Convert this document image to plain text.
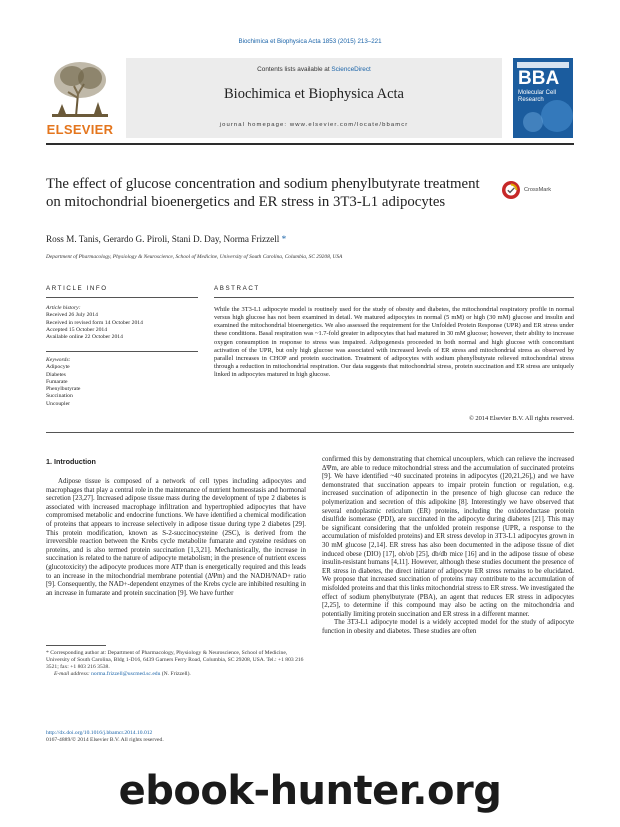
Biochimica et Biophysica Acta 1853 (2015) 213–221
ELSEVIER
Contents lists available at ScienceDirect
Biochimica et Biophysica Acta
journal homepage: www.elsevier.com/locate/bbamcr
BBA
Molecular Cell Research
The effect of glucose concentration and sodium phenylbutyrate treatment on mitochondrial bioenergetics and ER stress in 3T3-L1 adipocytes
CrossMark
Ross M. Tanis, Gerardo G. Piroli, Stani D. Day, Norma Frizzell *
Department of Pharmacology, Physiology & Neuroscience, School of Medicine, University of South Carolina, Columbia, SC 29208, USA
ARTICLE INFO
Article history:
Received 26 July 2014
Received in revised form 14 October 2014
Accepted 15 October 2014
Available online 22 October 2014
Keywords:
Adipocyte
Diabetes
Fumarate
Phenylbutyrate
Succination
Uncoupler
ABSTRACT
While the 3T3-L1 adipocyte model is routinely used for the study of obesity and diabetes, the mitochondrial respiratory profile in normal versus high glucose has not been examined in detail. We matured adipocytes in normal (5 mM) or high (30 mM) glucose and insulin and examined the mitochondrial bioenergetics. We also assessed the requirement for the Unfolded Protein Response (UPR) and ER stress under these conditions. Basal respiration was ~1.7-fold greater in adipocytes that had matured in 30 mM glucose; however, their ability to increase oxygen consumption in response to stress was impaired. Adipogenesis proceeded in both normal and high glucose with concomitant activation of the UPR, but only high glucose was associated with increased levels of ER stress and mitochondrial stress as observed by parallel increases in CHOP and protein succination. Treatment of adipocytes with sodium phenylbutyrate relieved mitochondrial stress through a reduction in mitochondrial respiration. Our data suggests that mitochondrial stress, protein succination and ER stress are uniquely linked in adipocytes matured in high glucose.
© 2014 Elsevier B.V. All rights reserved.
1. Introduction

Adipose tissue is composed of a network of cell types including adipocytes and macrophages that play a central role in the maintenance of nutrient homeostasis and hormonal secretion [23,27]. Increased adipose tissue mass during the development of type 2 diabetes is associated with increased macrophage infiltration and hypertrophied adipocytes that have compromised metabolic and endocrine functions. We have identified a chemical modification of proteins that appears to increase selectively in adipose tissue during type 2 diabetes [29]. This protein modification, known as S-2-succinocysteine (2SC), is derived from the irreversible reaction between the Krebs cycle metabolite fumarate and cysteine residues on proteins, and is also termed protein succination [1,3,21]. Mechanistically, the increase in succination is related to the nature of adipocyte metabolism; in the presence of nutrient excess (glucotoxicity) the adipocyte produces more ATP than is energetically required and this leads to an increase in the mitochondrial membrane potential (ΔΨm) and the NADH/NAD+ ratio [9]. Consequently, the NAD+-dependent enzymes of the Krebs cycle are inhibited resulting in an increase in fumarate and protein succination [9]. We have further

confirmed this by demonstrating that chemical uncouplers, which can relieve the increased ΔΨm, are able to reduce mitochondrial stress and the accumulation of succinated proteins [9]. We have identified ~40 succinated proteins in adipocytes ([20,21,26],) and we have demonstrated that succination appears to impair protein function or regulation, e.g. increased succination of adiponectin in the presence of high glucose can reduce the polymerization and secretion of this adipokine [8]. Interestingly we have observed that several endoplasmic reticulum (ER) proteins, including the oxidoreductase protein disulfide isomerase (PDI), are succinated in the adipocyte during diabetes [21]. This may be significant considering that the unfolded protein response (UPR, a response to the accumulation of misfolded proteins) and ER stress develop in 3T3-L1 adipocytes grown in 30 mM glucose [2,14]. ER stress has also been documented in the adipose tissue of diet induced obese (DIO) [17], ob/ob [25], db/db mice [16] and in the adipose tissue of obese insulin-resistant humans [4,11]. However, although these studies document the presence of ER stress in diabetes, the direct initiator of adipocyte ER stress remains to be elucidated. We propose that increased succination of proteins may contribute to the accumulation of misfolded proteins and that this links mitochondrial stress to ER stress. We investigated the effect of sodium phenylbutyrate (PBA), an agent that reduces ER stress in adipocytes [2,25], to determine if this compound may also be acting on the mitochondria and potentially limiting protein succination and ER stress in a different manner.

The 3T3-L1 adipocyte model is a widely accepted model for the study of adipocyte function in obesity and diabetes. These studies are often

* Corresponding author at: Department of Pharmacology, Physiology & Neuroscience, School of Medicine, University of South Carolina, Bldg 1-D16, 6439 Garners Ferry Road, Columbia, SC 29208, USA. Tel.: +1 803 216 3521; fax: +1 803 216 3538.
E-mail address: norma.frizzell@uscmed.sc.edu (N. Frizzell).
http://dx.doi.org/10.1016/j.bbamcr.2014.10.012
0167-4889/© 2014 Elsevier B.V. All rights reserved.
ebook-hunter.org
